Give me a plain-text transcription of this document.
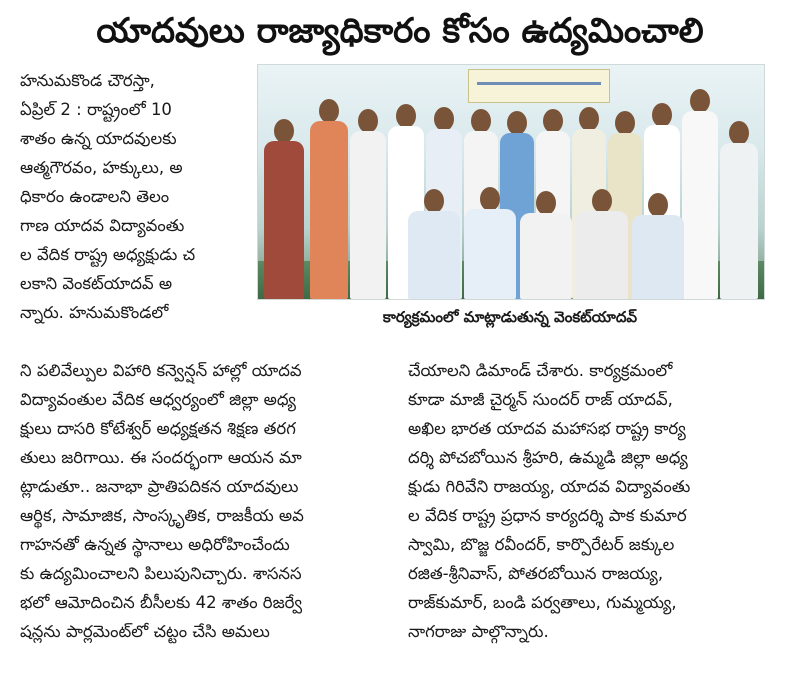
యాదవులు రాజ్యాధికారం కోసం ఉద్యమించాలి
హనుమకొండ చౌరస్తా,
ఏప్రిల్ 2 : రాష్ట్రంలో 10
శాతం ఉన్న యాదవులకు
ఆత్మగౌరవం, హక్కులు, అ
ధికారం ఉండాలని తెలం
గాణ యాదవ విద్యావంతు
ల వేదిక రాష్ట్ర అధ్యక్షుడు చ
లకాని వెంకట్‌యాదవ్ అ
న్నారు. హనుమకొండలో	కార్యక్రమంలో మాట్లాడుతున్న వెంకట్‌యాదవ్
ని పలివేల్పుల విహారి కన్వెన్షన్ హాల్లో యాదవ
విద్యావంతుల వేదిక ఆధ్వర్యంలో జిల్లా అధ్య
క్షులు దాసరి కోటేశ్వర్ అధ్యక్షతన శిక్షణ తరగ
తులు జరిగాయి. ఈ సందర్భంగా ఆయన మా
ట్లాడుతూ.. జనాభా ప్రాతిపదికన యాదవులు
ఆర్థిక, సామాజిక, సాంస్కృతిక, రాజకీయ అవ
గాహనతో ఉన్నత స్థానాలు అధిరోహించేందు
కు ఉద్యమించాలని పిలుపునిచ్చారు. శాసనస
భలో ఆమోదించిన బీసీలకు 42 శాతం రిజర్వే
షన్లను పార్లమెంట్‌లో చట్టం చేసి అమలు
చేయాలని డిమాండ్ చేశారు. కార్యక్రమంలో
కూడా మాజీ చైర్మన్ సుందర్ రాజ్ యాదవ్,
అఖిల భారత యాదవ మహాసభ రాష్ట్ర కార్య
దర్శి పోచబోయిన శ్రీహరి, ఉమ్మడి జిల్లా అధ్య
క్షుడు గిరివేని రాజయ్య, యాదవ విద్యావంతు
ల వేదిక రాష్ట్ర ప్రధాన కార్యదర్శి పాక కుమార
స్వామి, బొజ్జ రవీందర్, కార్పొరేటర్ జక్కుల
రజిత-శ్రీనివాస్, పోతరబోయిన రాజయ్య,
రాజ్‌కుమార్, బండి పర్వతాలు, గుమ్మయ్య,
నాగరాజు పాల్గొన్నారు.
